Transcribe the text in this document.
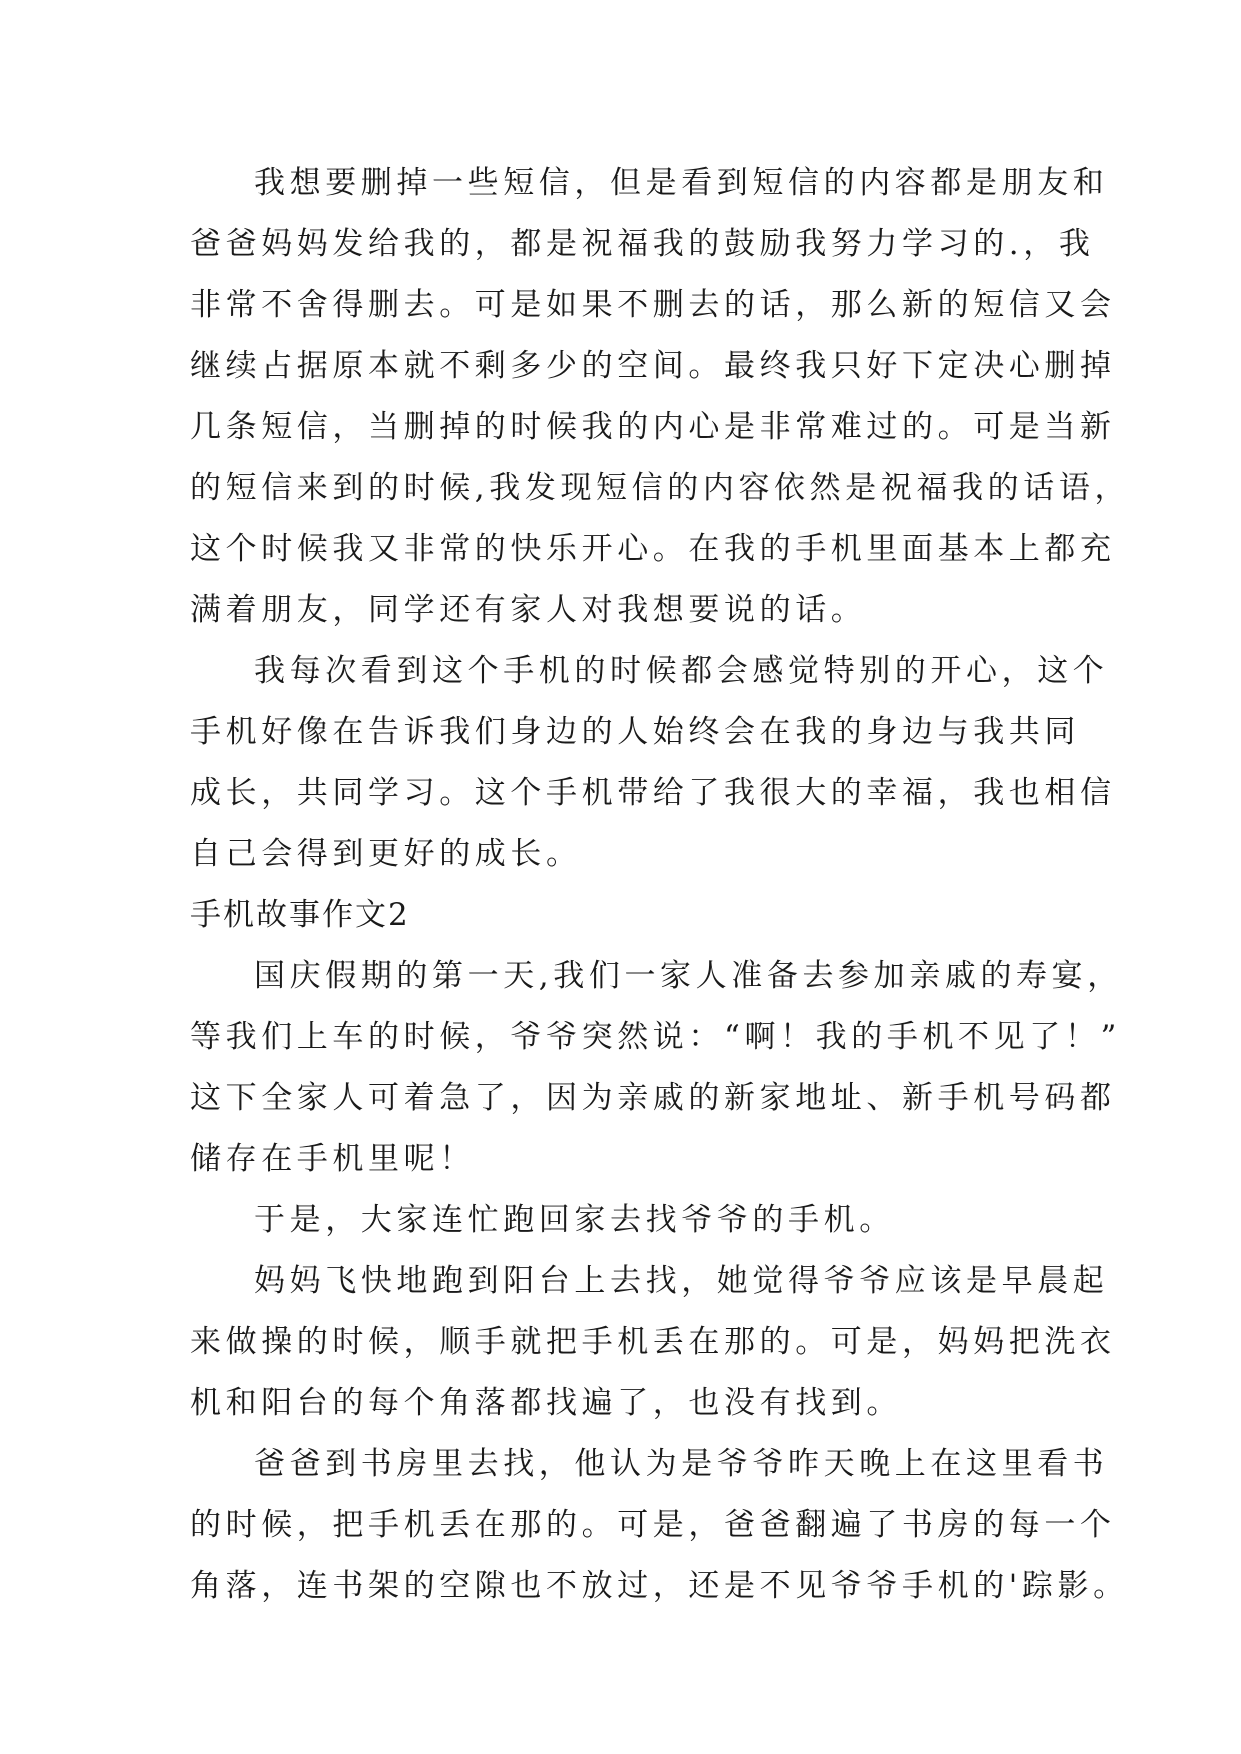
我想要删掉一些短信，但是看到短信的内容都是朋友和
爸爸妈妈发给我的，都是祝福我的鼓励我努力学习的.，我
非常不舍得删去。可是如果不删去的话，那么新的短信又会
继续占据原本就不剩多少的空间。最终我只好下定决心删掉
几条短信，当删掉的时候我的内心是非常难过的。可是当新
的短信来到的时候,我发现短信的内容依然是祝福我的话语，
这个时候我又非常的快乐开心。在我的手机里面基本上都充
满着朋友，同学还有家人对我想要说的话。
我每次看到这个手机的时候都会感觉特别的开心，这个
手机好像在告诉我们身边的人始终会在我的身边与我共同
成长，共同学习。这个手机带给了我很大的幸福，我也相信
自己会得到更好的成长。
手机故事作文2
国庆假期的第一天,我们一家人准备去参加亲戚的寿宴，
等我们上车的时候，爷爷突然说：“啊！我的手机不见了！”
这下全家人可着急了，因为亲戚的新家地址、新手机号码都
储存在手机里呢！
于是，大家连忙跑回家去找爷爷的手机。
妈妈飞快地跑到阳台上去找，她觉得爷爷应该是早晨起
来做操的时候，顺手就把手机丢在那的。可是，妈妈把洗衣
机和阳台的每个角落都找遍了，也没有找到。
爸爸到书房里去找，他认为是爷爷昨天晚上在这里看书
的时候，把手机丢在那的。可是，爸爸翻遍了书房的每一个
角落，连书架的空隙也不放过，还是不见爷爷手机的'踪影。
